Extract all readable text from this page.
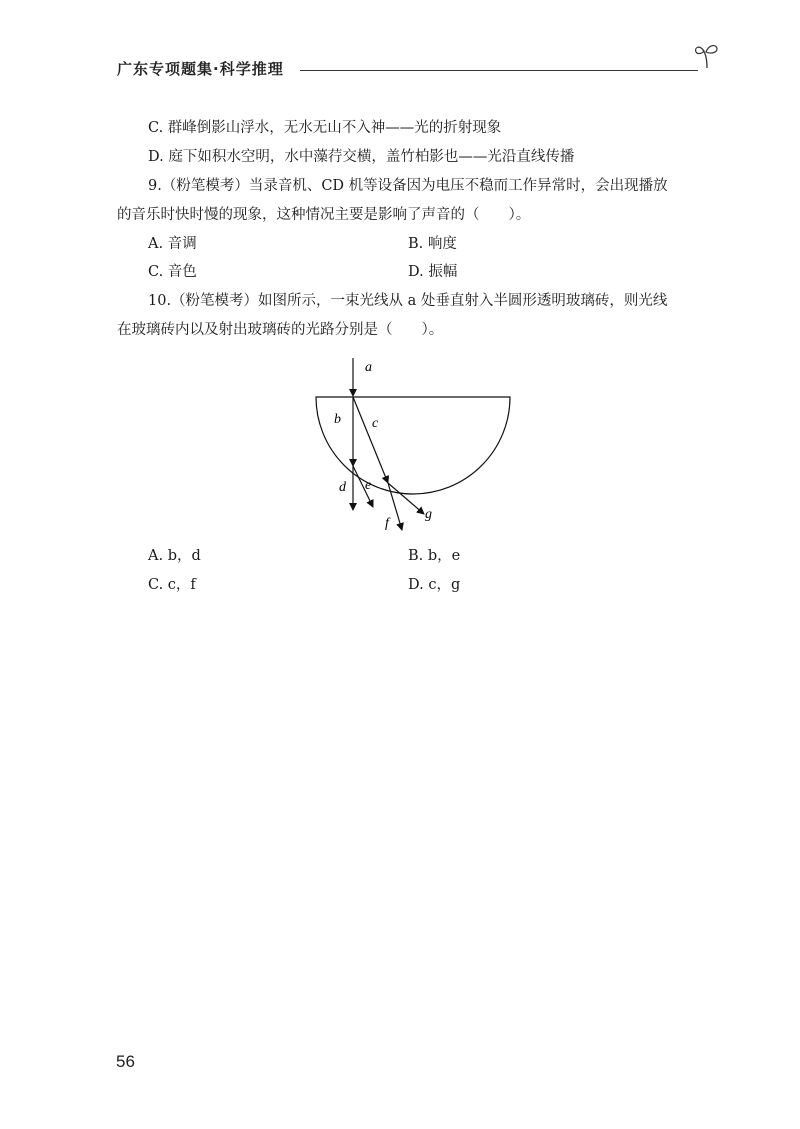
广东专项题集·科学推理
C. 群峰倒影山浮水，无水无山不入神——光的折射现象
D. 庭下如积水空明，水中藻荇交横，盖竹柏影也——光沿直线传播
9.（粉笔模考）当录音机、CD 机等设备因为电压不稳而工作异常时，会出现播放
的音乐时快时慢的现象，这种情况主要是影响了声音的（　　）。
A. 音调	B. 响度
C. 音色	D. 振幅
10.（粉笔模考）如图所示，一束光线从 a 处垂直射入半圆形透明玻璃砖，则光线
在玻璃砖内以及射出玻璃砖的光路分别是（　　）。
a
b c
d e
f
g
A. b，d	B. b，e
C. c，f	D. c，g
56
